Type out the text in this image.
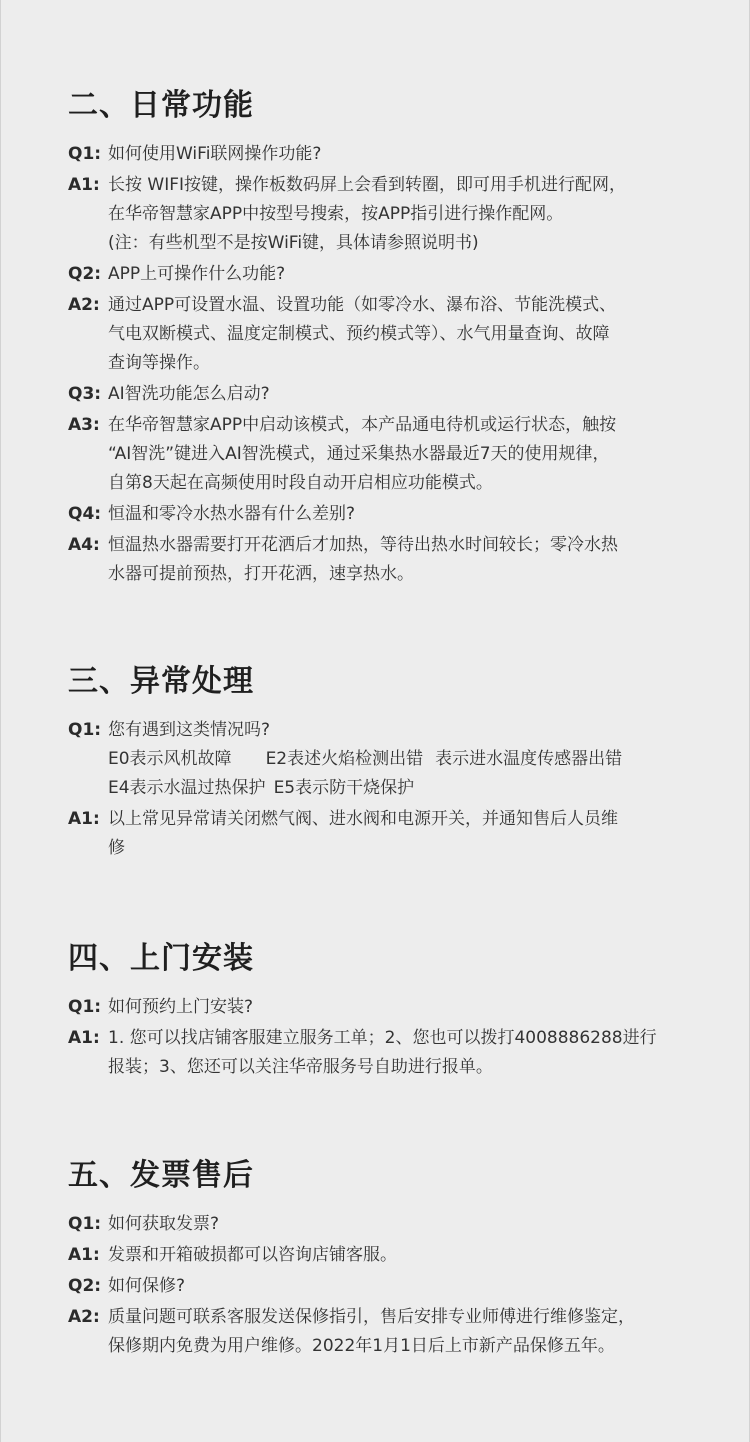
二、日常功能
Q1: 如何使用WiFi联网操作功能?
A1: 长按 WIFI按键，操作板数码屏上会看到转圈，即可用手机进行配网，
在华帝智慧家APP中按型号搜索，按APP指引进行操作配网。
(注：有些机型不是按WiFi键，具体请参照说明书)
Q2: APP上可操作什么功能?
A2: 通过APP可设置水温、设置功能（如零冷水、瀑布浴、节能洗模式、
气电双断模式、温度定制模式、预约模式等）、水气用量查询、故障
查询等操作。
Q3: AI智洗功能怎么启动?
A3: 在华帝智慧家APP中启动该模式，本产品通电待机或运行状态，触按
“AI智洗”键进入AI智洗模式，通过采集热水器最近7天的使用规律，
自第8天起在高频使用时段自动开启相应功能模式。
Q4: 恒温和零冷水热水器有什么差别?
A4: 恒温热水器需要打开花洒后才加热，等待出热水时间较长；零冷水热
水器可提前预热，打开花洒，速享热水。
三、异常处理
Q1: 您有遇到这类情况吗?
E0表示风机故障 E2表述火焰检测出错 表示进水温度传感器出错
E4表示水温过热保护 E5表示防干烧保护
A1: 以上常见异常请关闭燃气阀、进水阀和电源开关，并通知售后人员维
修
四、上门安装
Q1: 如何预约上门安装?
A1: 1. 您可以找店铺客服建立服务工单；2、您也可以拨打4008886288进行
报装；3、您还可以关注华帝服务号自助进行报单。
五、发票售后
Q1: 如何获取发票?
A1: 发票和开箱破损都可以咨询店铺客服。
Q2: 如何保修?
A2: 质量问题可联系客服发送保修指引，售后安排专业师傅进行维修鉴定，
保修期内免费为用户维修。2022年1月1日后上市新产品保修五年。
